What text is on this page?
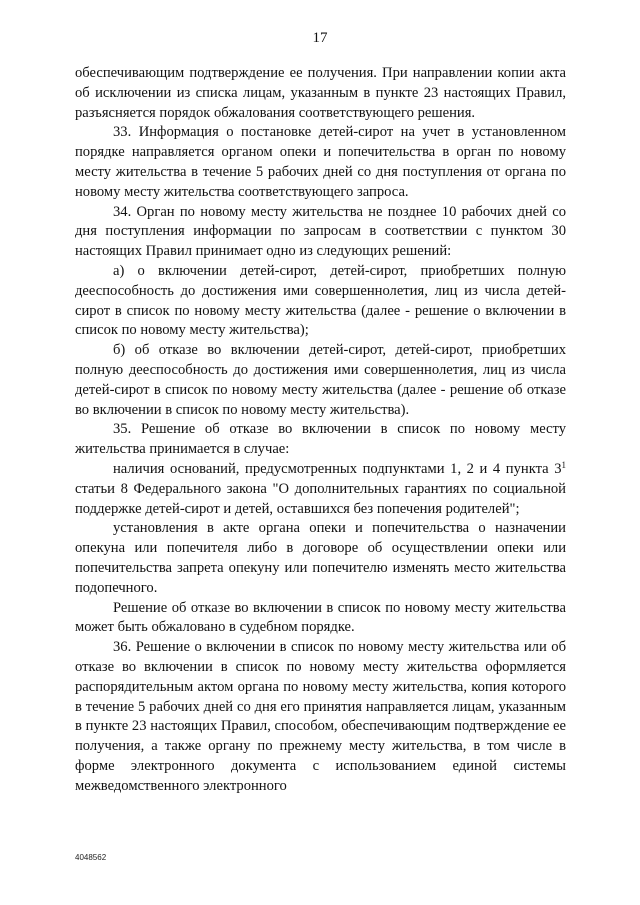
17

обеспечивающим подтверждение ее получения. При направлении копии акта об исключении из списка лицам, указанным в пункте 23 настоящих Правил, разъясняется порядок обжалования соответствующего решения.

33. Информация о постановке детей-сирот на учет в установленном порядке направляется органом опеки и попечительства в орган по новому месту жительства в течение 5 рабочих дней со дня поступления от органа по новому месту жительства соответствующего запроса.

34. Орган по новому месту жительства не позднее 10 рабочих дней со дня поступления информации по запросам в соответствии с пунктом 30 настоящих Правил принимает одно из следующих решений:

а) о включении детей-сирот, детей-сирот, приобретших полную дееспособность до достижения ими совершеннолетия, лиц из числа детей-сирот в список по новому месту жительства (далее - решение о включении в список по новому месту жительства);

б) об отказе во включении детей-сирот, детей-сирот, приобретших полную дееспособность до достижения ими совершеннолетия, лиц из числа детей-сирот в список по новому месту жительства (далее - решение об отказе во включении в список по новому месту жительства).

35. Решение об отказе во включении в список по новому месту жительства принимается в случае:

наличия оснований, предусмотренных подпунктами 1, 2 и 4 пункта $3^1$ статьи 8 Федерального закона "О дополнительных гарантиях по социальной поддержке детей-сирот и детей, оставшихся без попечения родителей";

установления в акте органа опеки и попечительства о назначении опекуна или попечителя либо в договоре об осуществлении опеки или попечительства запрета опекуну или попечителю изменять место жительства подопечного.

Решение об отказе во включении в список по новому месту жительства может быть обжаловано в судебном порядке.

36. Решение о включении в список по новому месту жительства или об отказе во включении в список по новому месту жительства оформляется распорядительным актом органа по новому месту жительства, копия которого в течение 5 рабочих дней со дня его принятия направляется лицам, указанным в пункте 23 настоящих Правил, способом, обеспечивающим подтверждение ее получения, а также органу по прежнему месту жительства, в том числе в форме электронного документа с использованием единой системы межведомственного электронного

4048562
